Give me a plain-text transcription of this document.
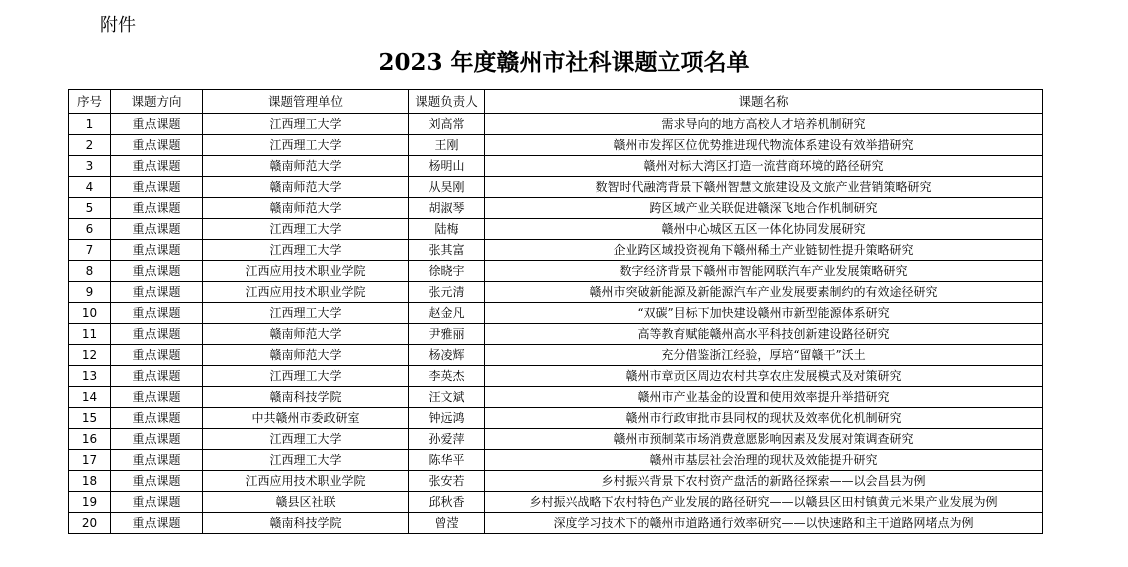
附件
2023 年度赣州市社科课题立项名单
序号	课题方向	课题管理单位	课题负责人	课题名称
1	重点课题	江西理工大学	刘高常	需求导向的地方高校人才培养机制研究
2	重点课题	江西理工大学	王刚	赣州市发挥区位优势推进现代物流体系建设有效举措研究
3	重点课题	赣南师范大学	杨明山	赣州对标大湾区打造一流营商环境的路径研究
4	重点课题	赣南师范大学	从昊刚	数智时代融湾背景下赣州智慧文旅建设及文旅产业营销策略研究
5	重点课题	赣南师范大学	胡淑琴	跨区域产业关联促进赣深飞地合作机制研究
6	重点课题	江西理工大学	陆梅	赣州中心城区五区一体化协同发展研究
7	重点课题	江西理工大学	张其富	企业跨区域投资视角下赣州稀土产业链韧性提升策略研究
8	重点课题	江西应用技术职业学院	徐晓宇	数字经济背景下赣州市智能网联汽车产业发展策略研究
9	重点课题	江西应用技术职业学院	张元清	赣州市突破新能源及新能源汽车产业发展要素制约的有效途径研究
10	重点课题	江西理工大学	赵金凡	“双碳”目标下加快建设赣州市新型能源体系研究
11	重点课题	赣南师范大学	尹雅丽	高等教育赋能赣州高水平科技创新建设路径研究
12	重点课题	赣南师范大学	杨凌辉	充分借鉴浙江经验，厚培“留赣干”沃土
13	重点课题	江西理工大学	李英杰	赣州市章贡区周边农村共享农庄发展模式及对策研究
14	重点课题	赣南科技学院	汪文斌	赣州市产业基金的设置和使用效率提升举措研究
15	重点课题	中共赣州市委政研室	钟远鸿	赣州市行政审批市县同权的现状及效率优化机制研究
16	重点课题	江西理工大学	孙爱萍	赣州市预制菜市场消费意愿影响因素及发展对策调查研究
17	重点课题	江西理工大学	陈华平	赣州市基层社会治理的现状及效能提升研究
18	重点课题	江西应用技术职业学院	张安若	乡村振兴背景下农村资产盘活的新路径探索——以会昌县为例
19	重点课题	赣县区社联	邱秋香	乡村振兴战略下农村特色产业发展的路径研究——以赣县区田村镇黄元米果产业发展为例
20	重点课题	赣南科技学院	曾滢	深度学习技术下的赣州市道路通行效率研究——以快速路和主干道路网堵点为例
